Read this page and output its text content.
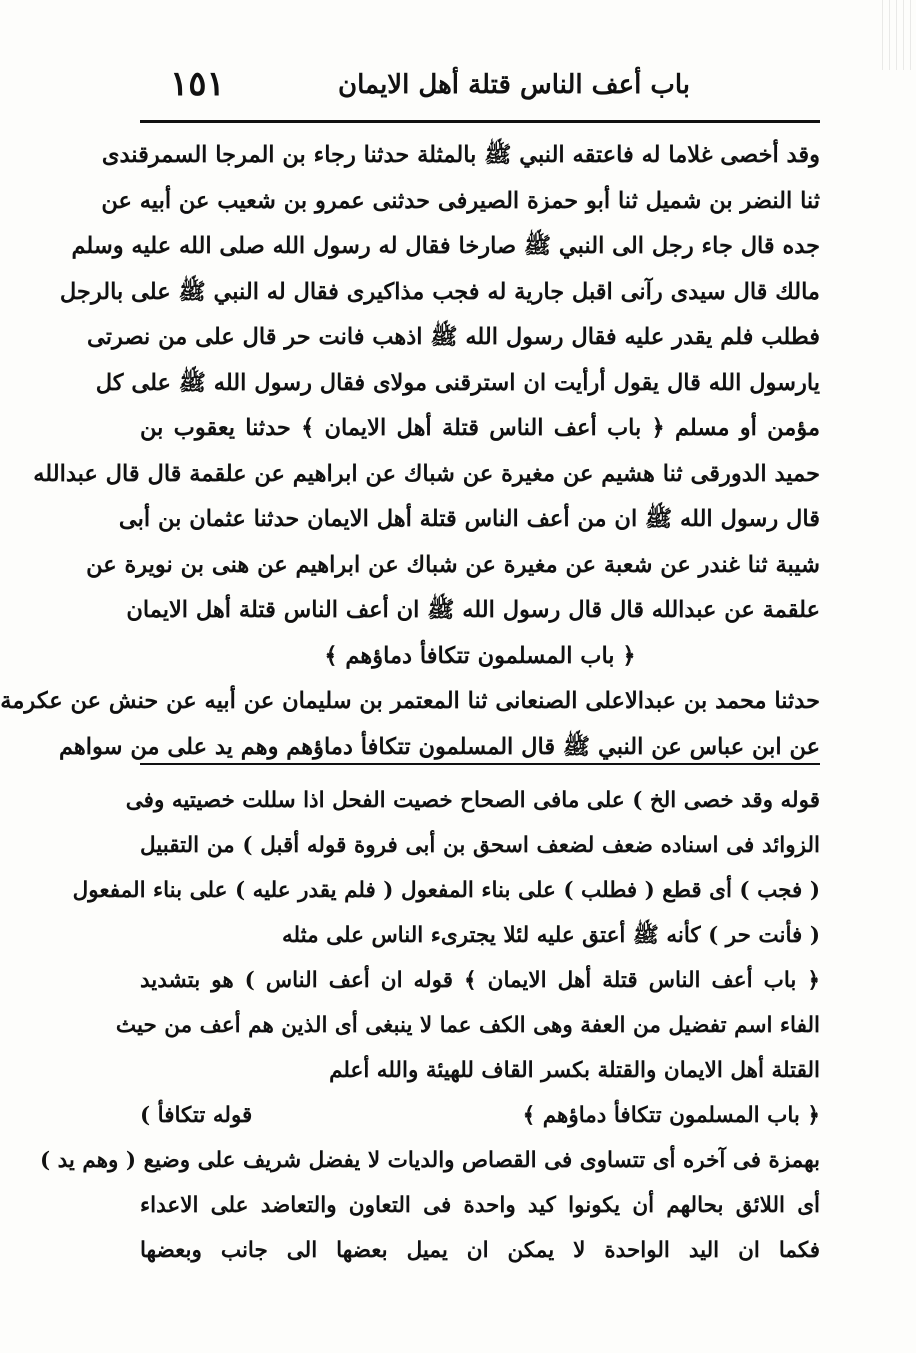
باب أعف الناس قتلة أهل الايمان
١٥١
وقد أخصى غلاما له فاعتقه النبي ﷺ بالمثلة حدثنا رجاء بن المرجا السمرقندى
ثنا النضر بن شميل ثنا أبو حمزة الصيرفى حدثنى عمرو بن شعيب عن أبيه عن
جده قال جاء رجل الى النبي ﷺ صارخا فقال له رسول الله صلى الله عليه وسلم
مالك قال سيدى رآنى اقبل جارية له فجب مذاكيرى فقال له النبي ﷺ على بالرجل
فطلب فلم يقدر عليه فقال رسول الله ﷺ اذهب فانت حر قال على من نصرتى
يارسول الله قال يقول أرأيت ان استرقنى مولاى فقال رسول الله ﷺ على كل
مؤمن أو مسلم ﴿ باب أعف الناس قتلة أهل الايمان ﴾ حدثنا يعقوب بن
حميد الدورقى ثنا هشيم عن مغيرة عن شباك عن ابراهيم عن علقمة قال قال عبدالله
قال رسول الله ﷺ ان من أعف الناس قتلة أهل الايمان حدثنا عثمان بن أبى
شيبة ثنا غندر عن شعبة عن مغيرة عن شباك عن ابراهيم عن هنى بن نويرة عن
علقمة عن عبدالله قال قال رسول الله ﷺ ان أعف الناس قتلة أهل الايمان
﴿ باب المسلمون تتكافأ دماؤهم ﴾
حدثنا محمد بن عبدالاعلى الصنعانى ثنا المعتمر بن سليمان عن أبيه عن حنش عن عكرمة
عن ابن عباس عن النبي ﷺ قال المسلمون تتكافأ دماؤهم وهم يد على من سواهم
قوله وقد خصى الخ ) على مافى الصحاح خصيت الفحل اذا سللت خصيتيه وفى
الزوائد فى اسناده ضعف لضعف اسحق بن أبى فروة قوله أقبل ) من التقبيل
( فجب ) أى قطع ( فطلب ) على بناء المفعول ( فلم يقدر عليه ) على بناء المفعول
( فأنت حر ) كأنه ﷺ أعتق عليه لئلا يجترىء الناس على مثله
﴿ باب أعف الناس قتلة أهل الايمان ﴾ قوله ان أعف الناس ) هو بتشديد
الفاء اسم تفضيل من العفة وهى الكف عما لا ينبغى أى الذين هم أعف من حيث
القتلة أهل الايمان والقتلة بكسر القاف للهيئة والله أعلم
﴿ باب المسلمون تتكافأ دماؤهم ﴾
قوله تتكافأ )
بهمزة فى آخره أى تتساوى فى القصاص والديات لا يفضل شريف على وضيع ( وهم يد )
أى اللائق بحالهم أن يكونوا كيد واحدة فى التعاون والتعاضد على الاعداء
فكما ان اليد الواحدة لا يمكن ان يميل بعضها الى جانب وبعضها
